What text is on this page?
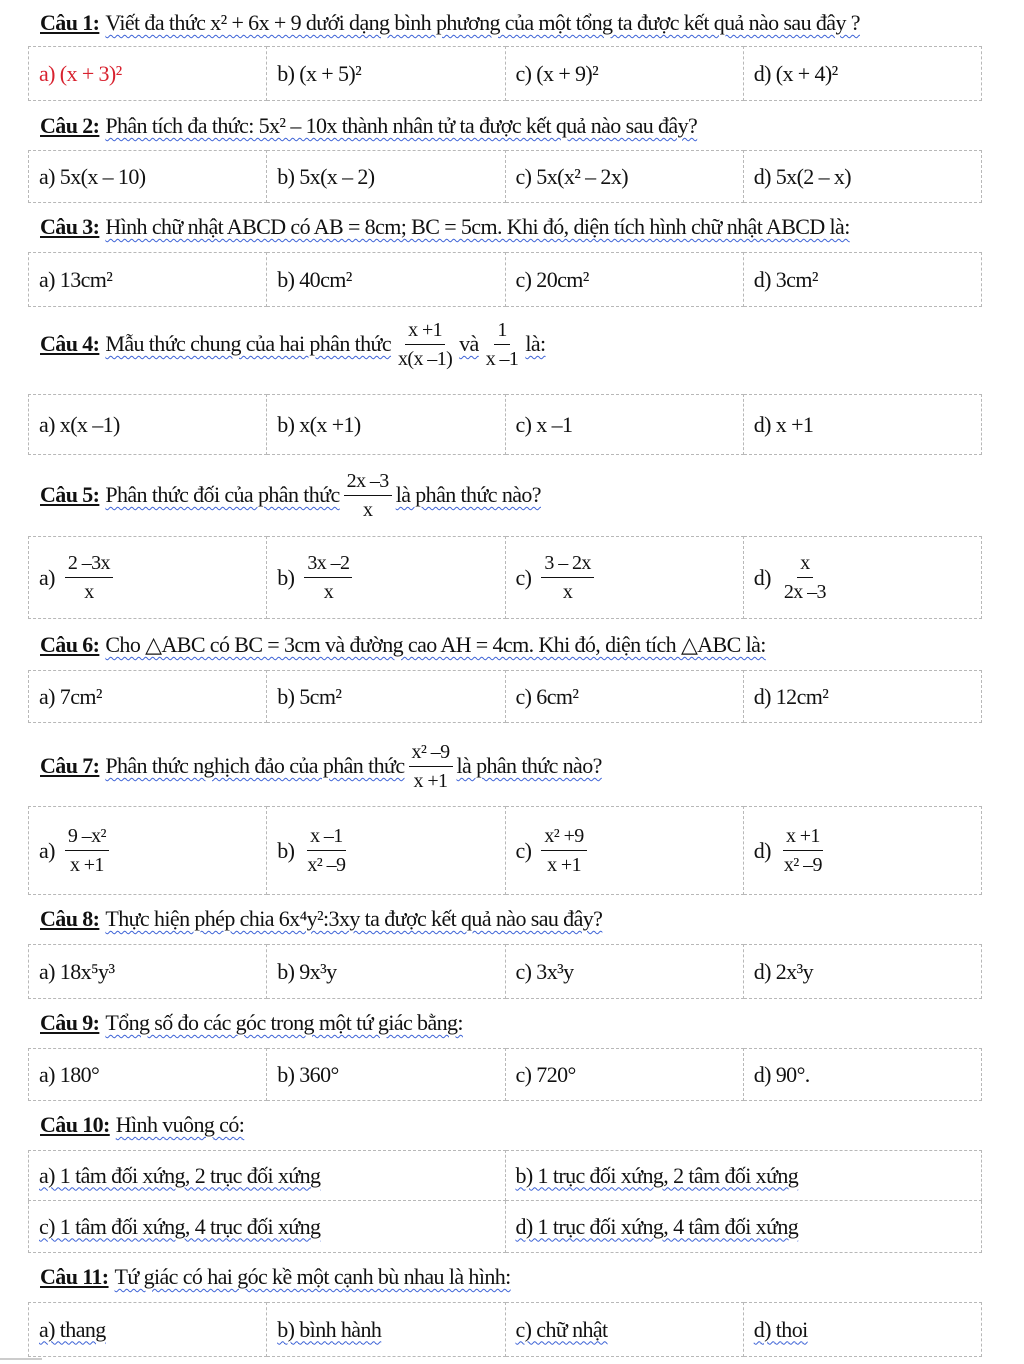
Câu 1: Viết đa thức x² + 6x + 9 dưới dạng bình phương của một tổng ta được kết quả nào sau đây ?
a) (x + 3)²	b) (x + 5)²	c) (x + 9)²	d) (x + 4)²
Câu 2: Phân tích đa thức: 5x² – 10x thành nhân tử ta được kết quả nào sau đây?
a) 5x(x – 10)	b) 5x(x – 2)	c) 5x(x² – 2x)	d) 5x(2 – x)
Câu 3: Hình chữ nhật ABCD có AB = 8cm; BC = 5cm. Khi đó, diện tích hình chữ nhật ABCD là:
a) 13cm²	b) 40cm²	c) 20cm²	d) 3cm²
Câu 4: Mẫu thức chung của hai phân thức $\frac{x +1}{x(x -1)}$ và $\frac{1}{x -1}$ là:
a) x(x –1)	b) x(x +1)	c) x –1	d) x +1
Câu 5: Phân thức đối của phân thức $\frac{2x -3}{x}$ là phân thức nào?
$a) \frac{2 -3x}{x}$	$b) \frac{3x -2}{x}$	$c) \frac{3 - 2x}{x}$	$d) \frac{x}{2x -3}$
Câu 6: Cho △ABC có BC = 3cm và đường cao AH = 4cm. Khi đó, diện tích △ABC là:
a) 7cm²	b) 5cm²	c) 6cm²	d) 12cm²
Câu 7: Phân thức nghịch đảo của phân thức $\frac{\text{x² –9}}{x +1}$ là phân thức nào?
$a) \frac{\text{9 –x²}}{x +1}$	$b) \frac{x -1}{\text{x² –9}}$	$c) \frac{\text{x² +9}}{x +1}$	$d) \frac{x +1}{\text{x² –9}}$
Câu 8: Thực hiện phép chia 6x⁴y²:3xy ta được kết quả nào sau đây?
a) 18x⁵y³	b) 9x³y	c) 3x³y	d) 2x³y
Câu 9: Tổng số đo các góc trong một tứ giác bằng:
a) 180°	b) 360°	c) 720°	d) 90°.
Câu 10: Hình vuông có:
a) 1 tâm đối xứng, 2 trục đối xứng	b) 1 trục đối xứng, 2 tâm đối xứng

c) 1 tâm đối xứng, 4 trục đối xứng	d) 1 trục đối xứng, 4 tâm đối xứng
Câu 11: Tứ giác có hai góc kề một cạnh bù nhau là hình:
a) thang	b) bình hành	c) chữ nhật	d) thoi
